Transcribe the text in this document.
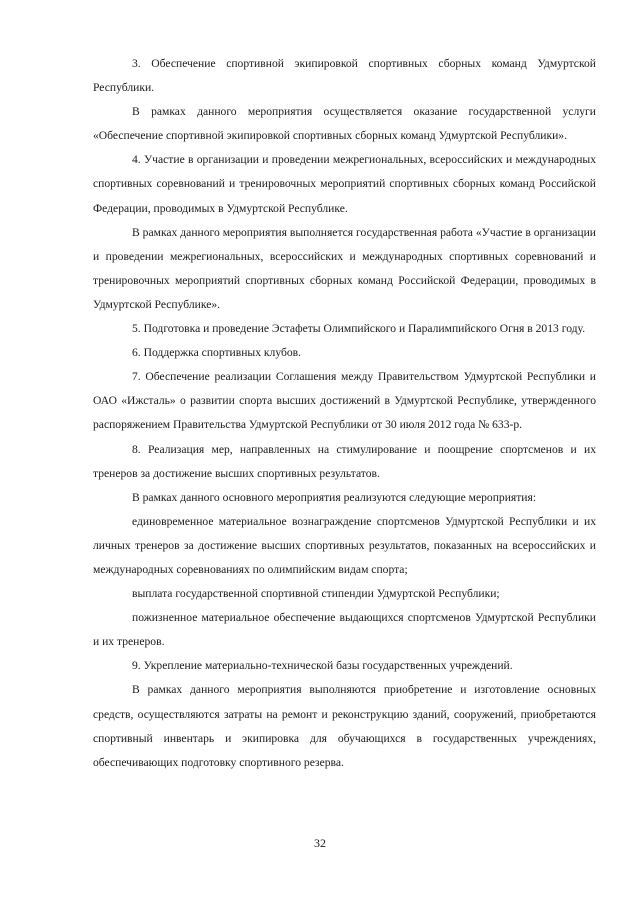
3. Обеспечение спортивной экипировкой спортивных сборных команд Удмуртской Республики.

В рамках данного мероприятия осуществляется оказание государственной услуги «Обеспечение спортивной экипировкой спортивных сборных команд Удмуртской Республики».

4. Участие в организации и проведении межрегиональных, всероссийских и международных спортивных соревнований и тренировочных мероприятий спортивных сборных команд Российской Федерации, проводимых в Удмуртской Республике.

В рамках данного мероприятия выполняется государственная работа «Участие в организации и проведении межрегиональных, всероссийских и международных спортивных соревнований и тренировочных мероприятий спортивных сборных команд Российской Федерации, проводимых в Удмуртской Республике».

5. Подготовка и проведение Эстафеты Олимпийского и Паралимпийского Огня в 2013 году.

6. Поддержка спортивных клубов.

7. Обеспечение реализации Соглашения между Правительством Удмуртской Республики и ОАО «Ижсталь» о развитии спорта высших достижений в Удмуртской Республике, утвержденного распоряжением Правительства Удмуртской Республики от 30 июля 2012 года № 633-р.

8. Реализация мер, направленных на стимулирование и поощрение спортсменов и их тренеров за достижение высших спортивных результатов.

В рамках данного основного мероприятия реализуются следующие мероприятия:

единовременное материальное вознаграждение спортсменов Удмуртской Республики и их личных тренеров за достижение высших спортивных результатов, показанных на всероссийских и международных соревнованиях по олимпийским видам спорта;

выплата государственной спортивной стипендии Удмуртской Республики;

пожизненное материальное обеспечение выдающихся спортсменов Удмуртской Республики и их тренеров.

9. Укрепление материально-технической базы государственных учреждений.

В рамках данного мероприятия выполняются приобретение и изготовление основных средств, осуществляются затраты на ремонт и реконструкцию зданий, сооружений, приобретаются спортивный инвентарь и экипировка для обучающихся в государственных учреждениях, обеспечивающих подготовку спортивного резерва.

32
